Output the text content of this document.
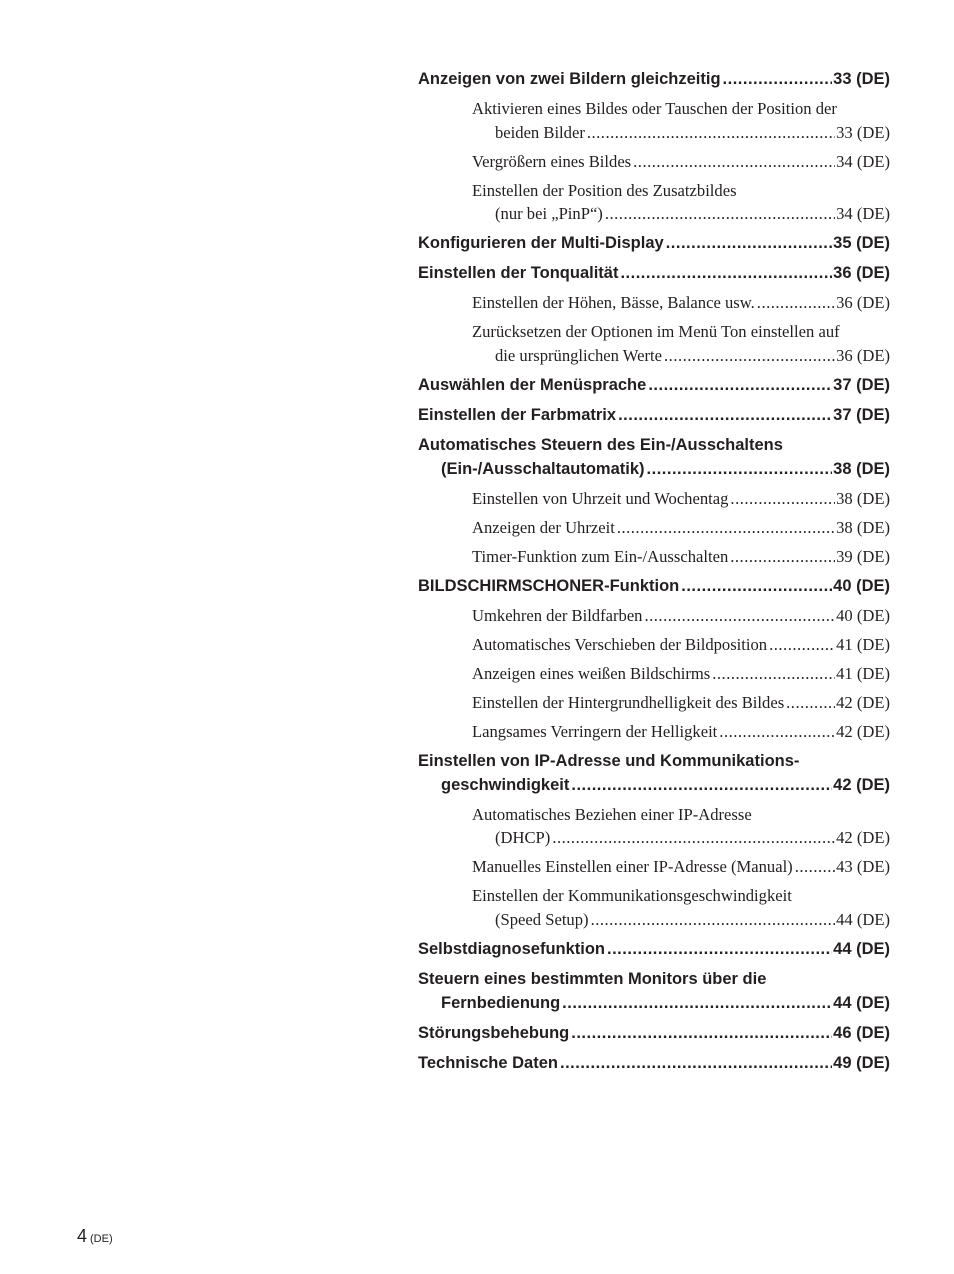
Anzeigen von zwei Bildern gleichzeitig .....	33 (DE)
Aktivieren eines Bildes oder Tauschen der Position der
beiden Bilder .....	33 (DE)
Vergrößern eines Bildes .....	34 (DE)
Einstellen der Position des Zusatzbildes
(nur bei „PinP“) .....	34 (DE)
Konfigurieren der Multi-Display .....	35 (DE)
Einstellen der Tonqualität .....	36 (DE)
Einstellen der Höhen, Bässe, Balance usw. .....	36 (DE)
Zurücksetzen der Optionen im Menü Ton einstellen auf
die ursprünglichen Werte .....	36 (DE)
Auswählen der Menüsprache .....	37 (DE)
Einstellen der Farbmatrix .....	37 (DE)
Automatisches Steuern des Ein-/Ausschaltens
(Ein-/Ausschaltautomatik) .....	38 (DE)
Einstellen von Uhrzeit und Wochentag .....	38 (DE)
Anzeigen der Uhrzeit .....	38 (DE)
Timer-Funktion zum Ein-/Ausschalten .....	39 (DE)
BILDSCHIRMSCHONER-Funktion .....	40 (DE)
Umkehren der Bildfarben .....	40 (DE)
Automatisches Verschieben der Bildposition .....	41 (DE)
Anzeigen eines weißen Bildschirms .....	41 (DE)
Einstellen der Hintergrundhelligkeit des Bildes .....	42 (DE)
Langsames Verringern der Helligkeit .....	42 (DE)
Einstellen von IP-Adresse und Kommunikations-
geschwindigkeit .....	42 (DE)
Automatisches Beziehen einer IP-Adresse
(DHCP) .....	42 (DE)
Manuelles Einstellen einer IP-Adresse (Manual) .....	43 (DE)
Einstellen der Kommunikationsgeschwindigkeit
(Speed Setup) .....	44 (DE)
Selbstdiagnosefunktion .....	44 (DE)
Steuern eines bestimmten Monitors über die
Fernbedienung .....	44 (DE)
Störungsbehebung .....	46 (DE)
Technische Daten .....	49 (DE)
4 (DE)
